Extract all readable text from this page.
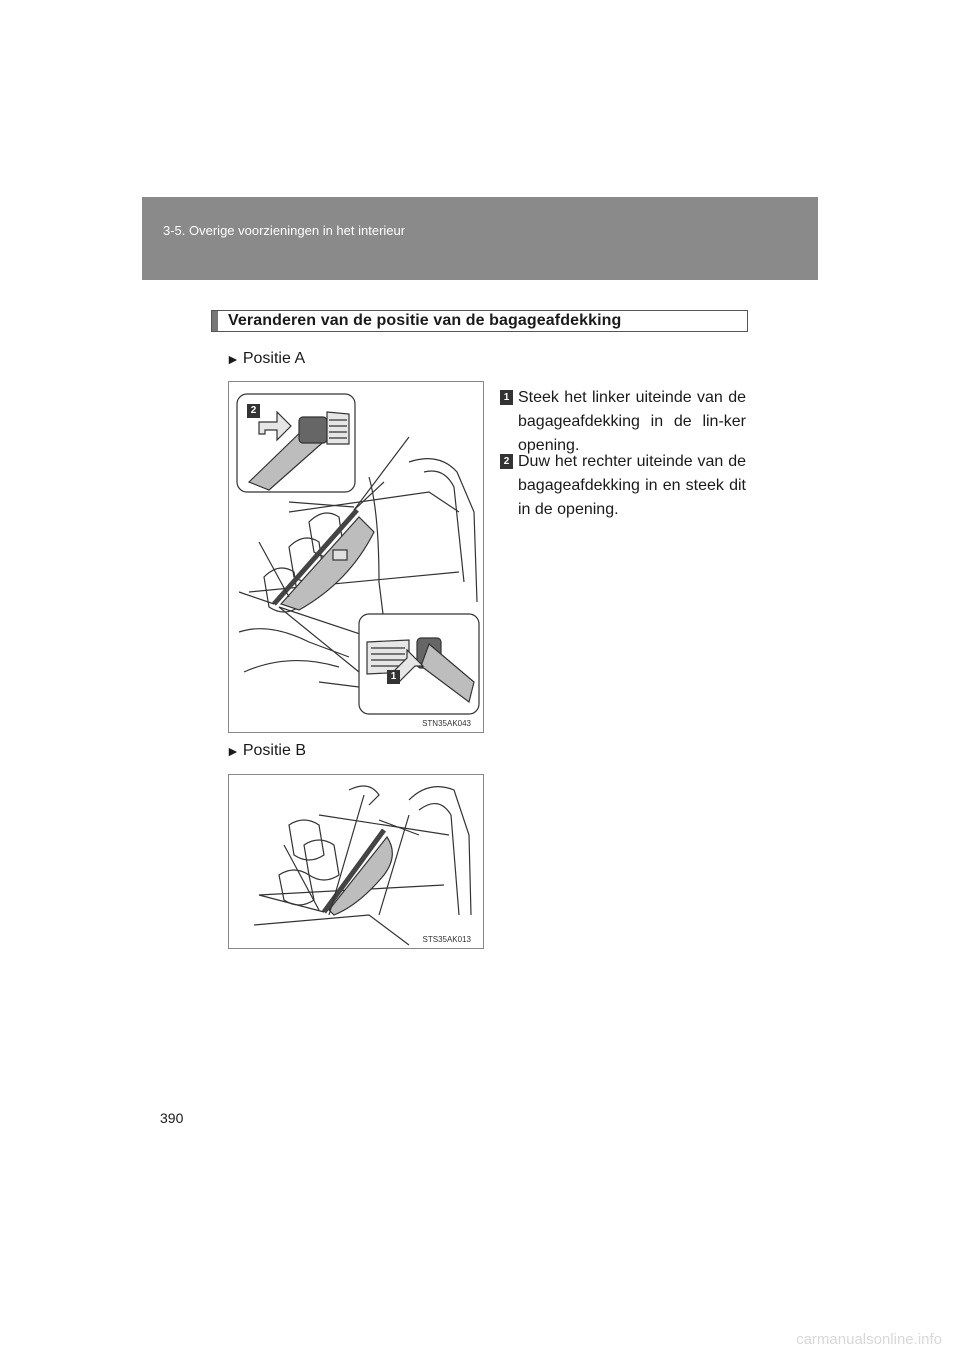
3-5. Overige voorzieningen in het interieur
Veranderen van de positie van de bagageafdekking
► Positie A
2
1
STN35AK043
► Positie B
STS35AK013
1 Steek het linker uiteinde van de bagageafdekking in de lin-ker opening.
2 Duw het rechter uiteinde van de bagageafdekking in en steek dit in de opening.
390
carmanualsonline.info
